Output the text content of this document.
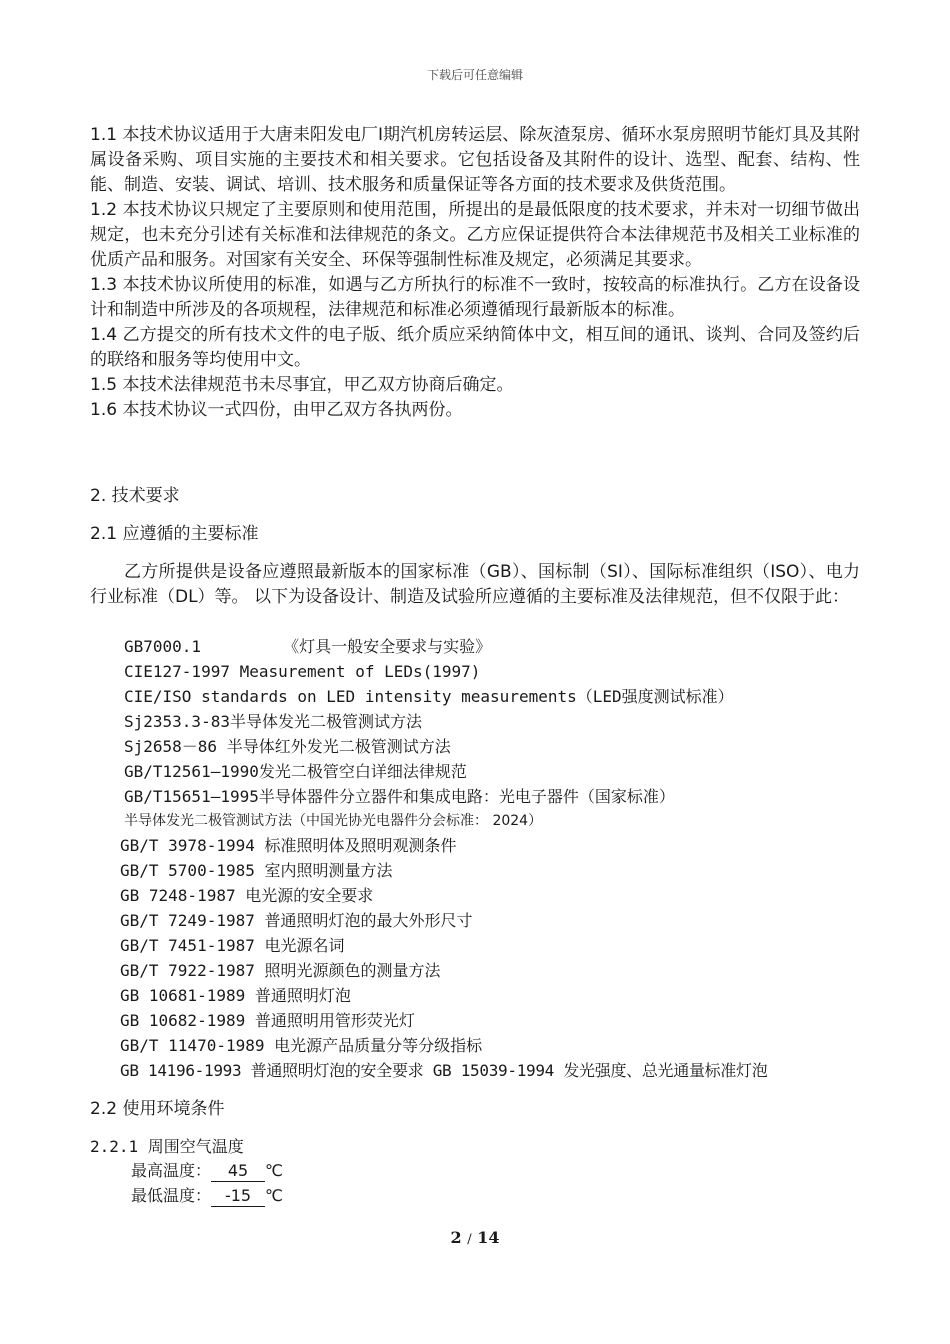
下载后可任意编辑

1.1 本技术协议适用于大唐耒阳发电厂Ⅰ期汽机房转运层、除灰渣泵房、循环水泵房照明节能灯具及其附属设备采购、项目实施的主要技术和相关要求。它包括设备及其附件的设计、选型、配套、结构、性能、制造、安装、调试、培训、技术服务和质量保证等各方面的技术要求及供货范围。

1.2 本技术协议只规定了主要原则和使用范围，所提出的是最低限度的技术要求，并未对一切细节做出规定，也未充分引述有关标准和法律规范的条文。乙方应保证提供符合本法律规范书及相关工业标准的优质产品和服务。对国家有关安全、环保等强制性标准及规定，必须满足其要求。

1.3 本技术协议所使用的标准，如遇与乙方所执行的标准不一致时，按较高的标准执行。乙方在设备设计和制造中所涉及的各项规程，法律规范和标准必须遵循现行最新版本的标准。

1.4 乙方提交的所有技术文件的电子版、纸介质应采纳简体中文，相互间的通讯、谈判、合同及签约后的联络和服务等均使用中文。

1.5 本技术法律规范书未尽事宜，甲乙双方协商后确定。

1.6 本技术协议一式四份，由甲乙双方各执两份。

2. 技术要求
2.1 应遵循的主要标准

乙方所提供是设备应遵照最新版本的国家标准（GB）、国标制（SI）、国际标准组织（ISO）、电力行业标准（DL）等。 以下为设备设计、制造及试验所应遵循的主要标准及法律规范，但不仅限于此：

GB7000.1	《灯具一般安全要求与实验》
CIE127-1997 Measurement of LEDs(1997)
CIE/ISO standards on LED intensity measurements（LED强度测试标准）
Sj2353.3-83半导体发光二极管测试方法
Sj2658－86 半导体红外发光二极管测试方法
GB/T12561—1990发光二极管空白详细法律规范
GB/T15651—1995半导体器件分立器件和集成电路：光电子器件（国家标准）
半导体发光二极管测试方法（中国光协光电器件分会标准： 2024）
GB/T 3978-1994 标准照明体及照明观测条件
GB/T 5700-1985 室内照明测量方法
GB 7248-1987 电光源的安全要求
GB/T 7249-1987 普通照明灯泡的最大外形尺寸
GB/T 7451-1987 电光源名词
GB/T 7922-1987 照明光源颜色的测量方法
GB 10681-1989 普通照明灯泡
GB 10682-1989 普通照明用管形荧光灯
GB/T 11470-1989 电光源产品质量分等分级指标
GB 14196-1993 普通照明灯泡的安全要求 GB 15039-1994 发光强度、总光通量标准灯泡
2.2 使用环境条件
2.2.1 周围空气温度
最高温度： 45 ℃
最低温度： -15 ℃
2 / 14
